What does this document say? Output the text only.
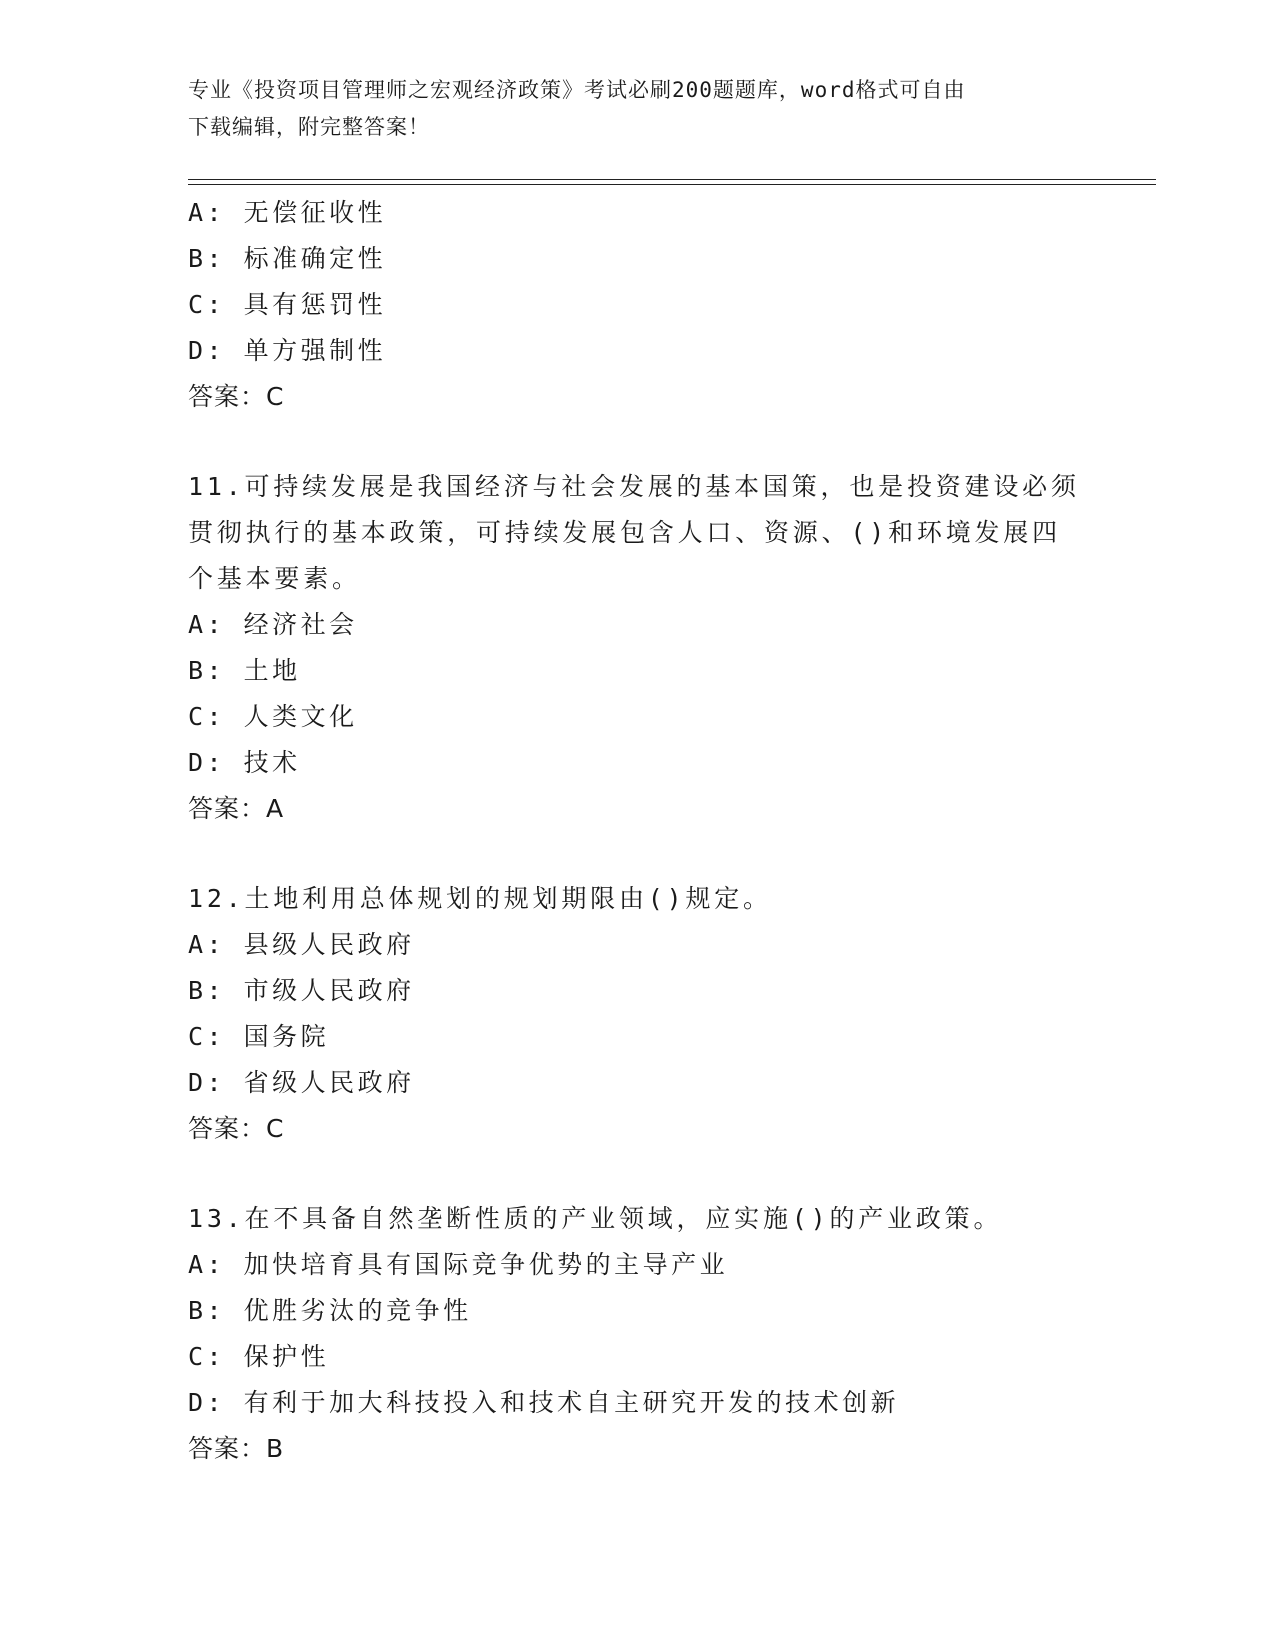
专业《投资项目管理师之宏观经济政策》考试必刷200题题库，word格式可自由
下载编辑，附完整答案！
A: 无偿征收性
B: 标准确定性
C: 具有惩罚性
D: 单方强制性
答案：C
11.可持续发展是我国经济与社会发展的基本国策，也是投资建设必须
贯彻执行的基本政策，可持续发展包含人口、资源、()和环境发展四
个基本要素。
A: 经济社会
B: 土地
C: 人类文化
D: 技术
答案：A
12.土地利用总体规划的规划期限由()规定。
A: 县级人民政府
B: 市级人民政府
C: 国务院
D: 省级人民政府
答案：C
13.在不具备自然垄断性质的产业领域，应实施()的产业政策。
A: 加快培育具有国际竞争优势的主导产业
B: 优胜劣汰的竞争性
C: 保护性
D: 有利于加大科技投入和技术自主研究开发的技术创新
答案：B
